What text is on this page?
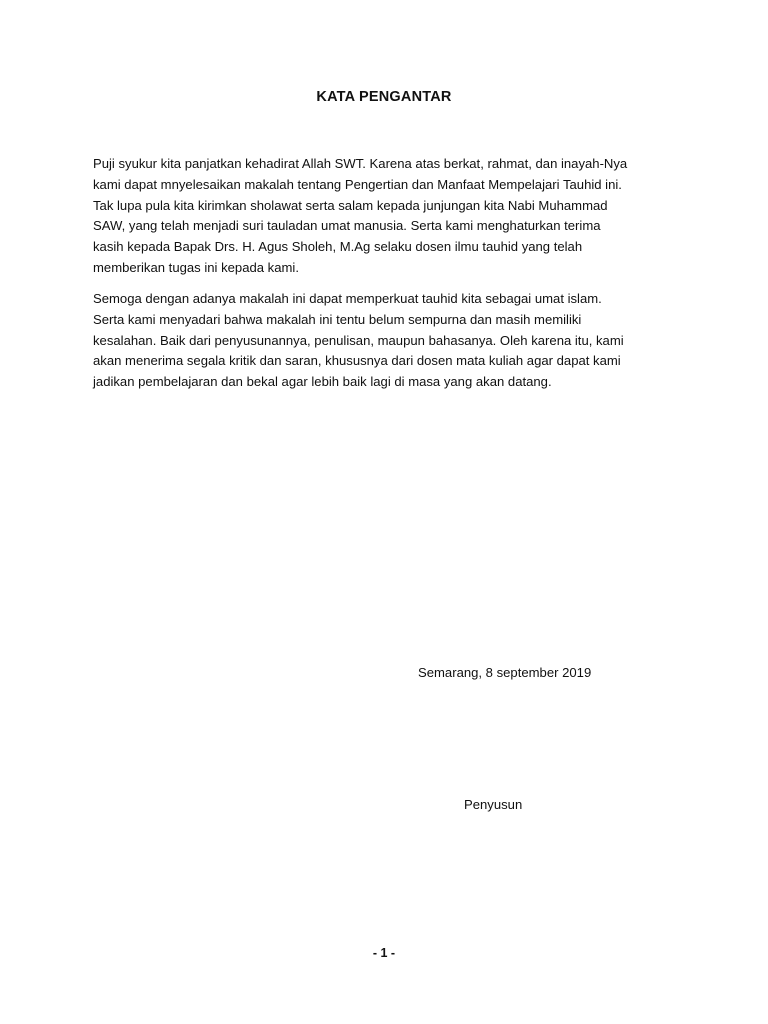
KATA PENGANTAR
Puji syukur kita panjatkan kehadirat Allah SWT. Karena atas berkat, rahmat, dan inayah-Nya
kami dapat mnyelesaikan makalah tentang Pengertian dan Manfaat Mempelajari Tauhid ini.
Tak lupa pula kita kirimkan sholawat serta salam kepada junjungan kita Nabi Muhammad
SAW, yang telah menjadi suri tauladan umat manusia. Serta kami menghaturkan terima
kasih kepada Bapak Drs. H. Agus Sholeh, M.Ag selaku dosen ilmu tauhid yang telah
memberikan tugas ini kepada kami.
Semoga dengan adanya makalah ini dapat memperkuat tauhid kita sebagai umat islam.
Serta kami menyadari bahwa makalah ini tentu belum sempurna dan masih memiliki
kesalahan. Baik dari penyusunannya, penulisan, maupun bahasanya. Oleh karena itu, kami
akan menerima segala kritik dan saran, khususnya dari dosen mata kuliah agar dapat kami
jadikan pembelajaran dan bekal agar lebih baik lagi di masa yang akan datang.
Semarang, 8 september 2019
Penyusun
- 1 -
